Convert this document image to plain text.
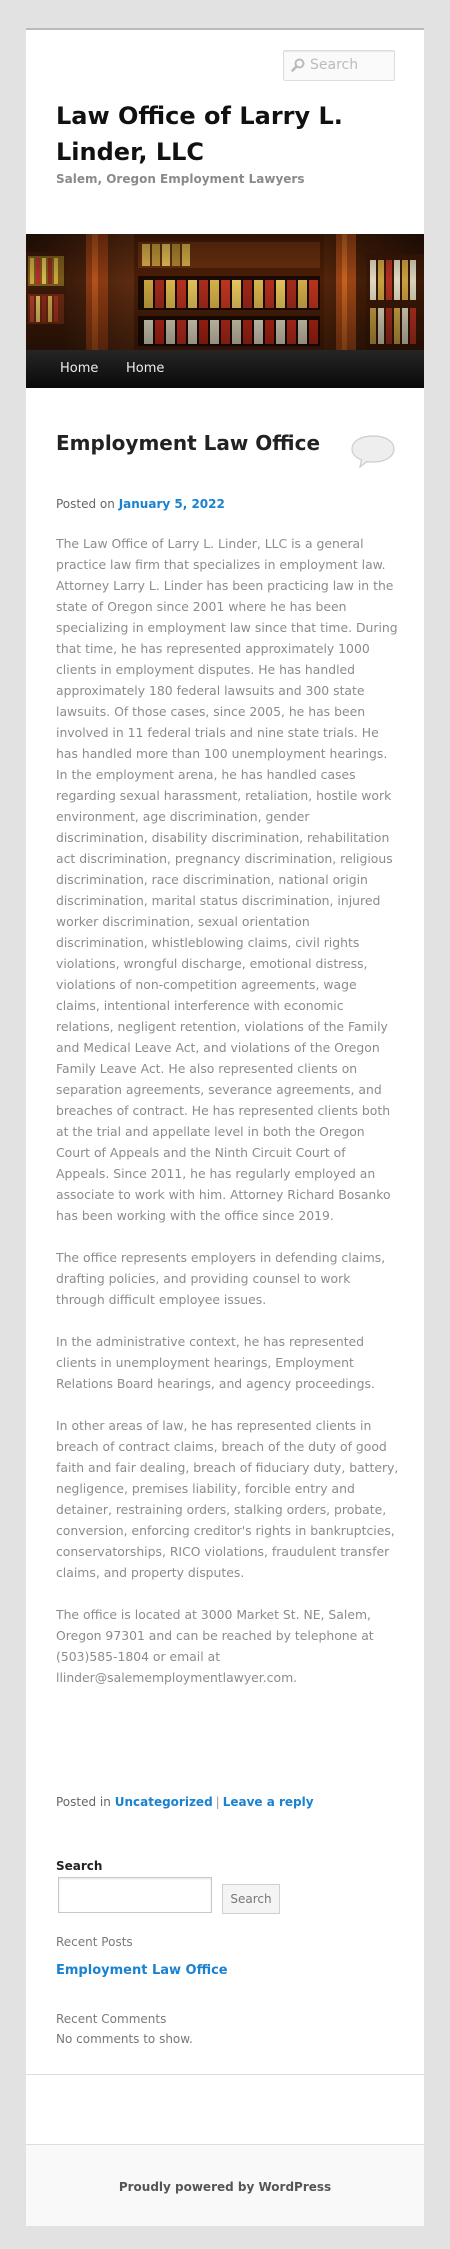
Search
Law Office of Larry L. Linder, LLC
Salem, Oregon Employment Lawyers
Home Home
Employment Law Office
Posted on January 5, 2022

The Law Office of Larry L. Linder, LLC is a general practice law firm that specializes in employment law. Attorney Larry L. Linder has been practicing law in the state of Oregon since 2001 where he has been specializing in employment law since that time. During that time, he has represented approximately 1000 clients in employment disputes. He has handled approximately 180 federal lawsuits and 300 state lawsuits. Of those cases, since 2005, he has been involved in 11 federal trials and nine state trials. He has handled more than 100 unemployment hearings. In the employment arena, he has handled cases regarding sexual harassment, retaliation, hostile work environment, age discrimination, gender discrimination, disability discrimination, rehabilitation act discrimination, pregnancy discrimination, religious discrimination, race discrimination, national origin discrimination, marital status discrimination, injured worker discrimination, sexual orientation discrimination, whistleblowing claims, civil rights violations, wrongful discharge, emotional distress, violations of non-competition agreements, wage claims, intentional interference with economic relations, negligent retention, violations of the Family and Medical Leave Act, and violations of the Oregon Family Leave Act. He also represented clients on separation agreements, severance agreements, and breaches of contract. He has represented clients both at the trial and appellate level in both the Oregon Court of Appeals and the Ninth Circuit Court of Appeals. Since 2011, he has regularly employed an associate to work with him. Attorney Richard Bosanko has been working with the office since 2019.

The office represents employers in defending claims, drafting policies, and providing counsel to work through difficult employee issues.

In the administrative context, he has represented clients in unemployment hearings, Employment Relations Board hearings, and agency proceedings.

In other areas of law, he has represented clients in breach of contract claims, breach of the duty of good faith and fair dealing, breach of fiduciary duty, battery, negligence, premises liability, forcible entry and detainer, restraining orders, stalking orders, probate, conversion, enforcing creditor's rights in bankruptcies, conservatorships, RICO violations, fraudulent transfer claims, and property disputes.

The office is located at 3000 Market St. NE, Salem, Oregon 97301 and can be reached by telephone at (503)585-1804 or email at llinder@salememploymentlawyer.com.

Posted in Uncategorized | Leave a reply
Search
Search
Recent Posts
Employment Law Office
Recent Comments
No comments to show.
Proudly powered by WordPress
